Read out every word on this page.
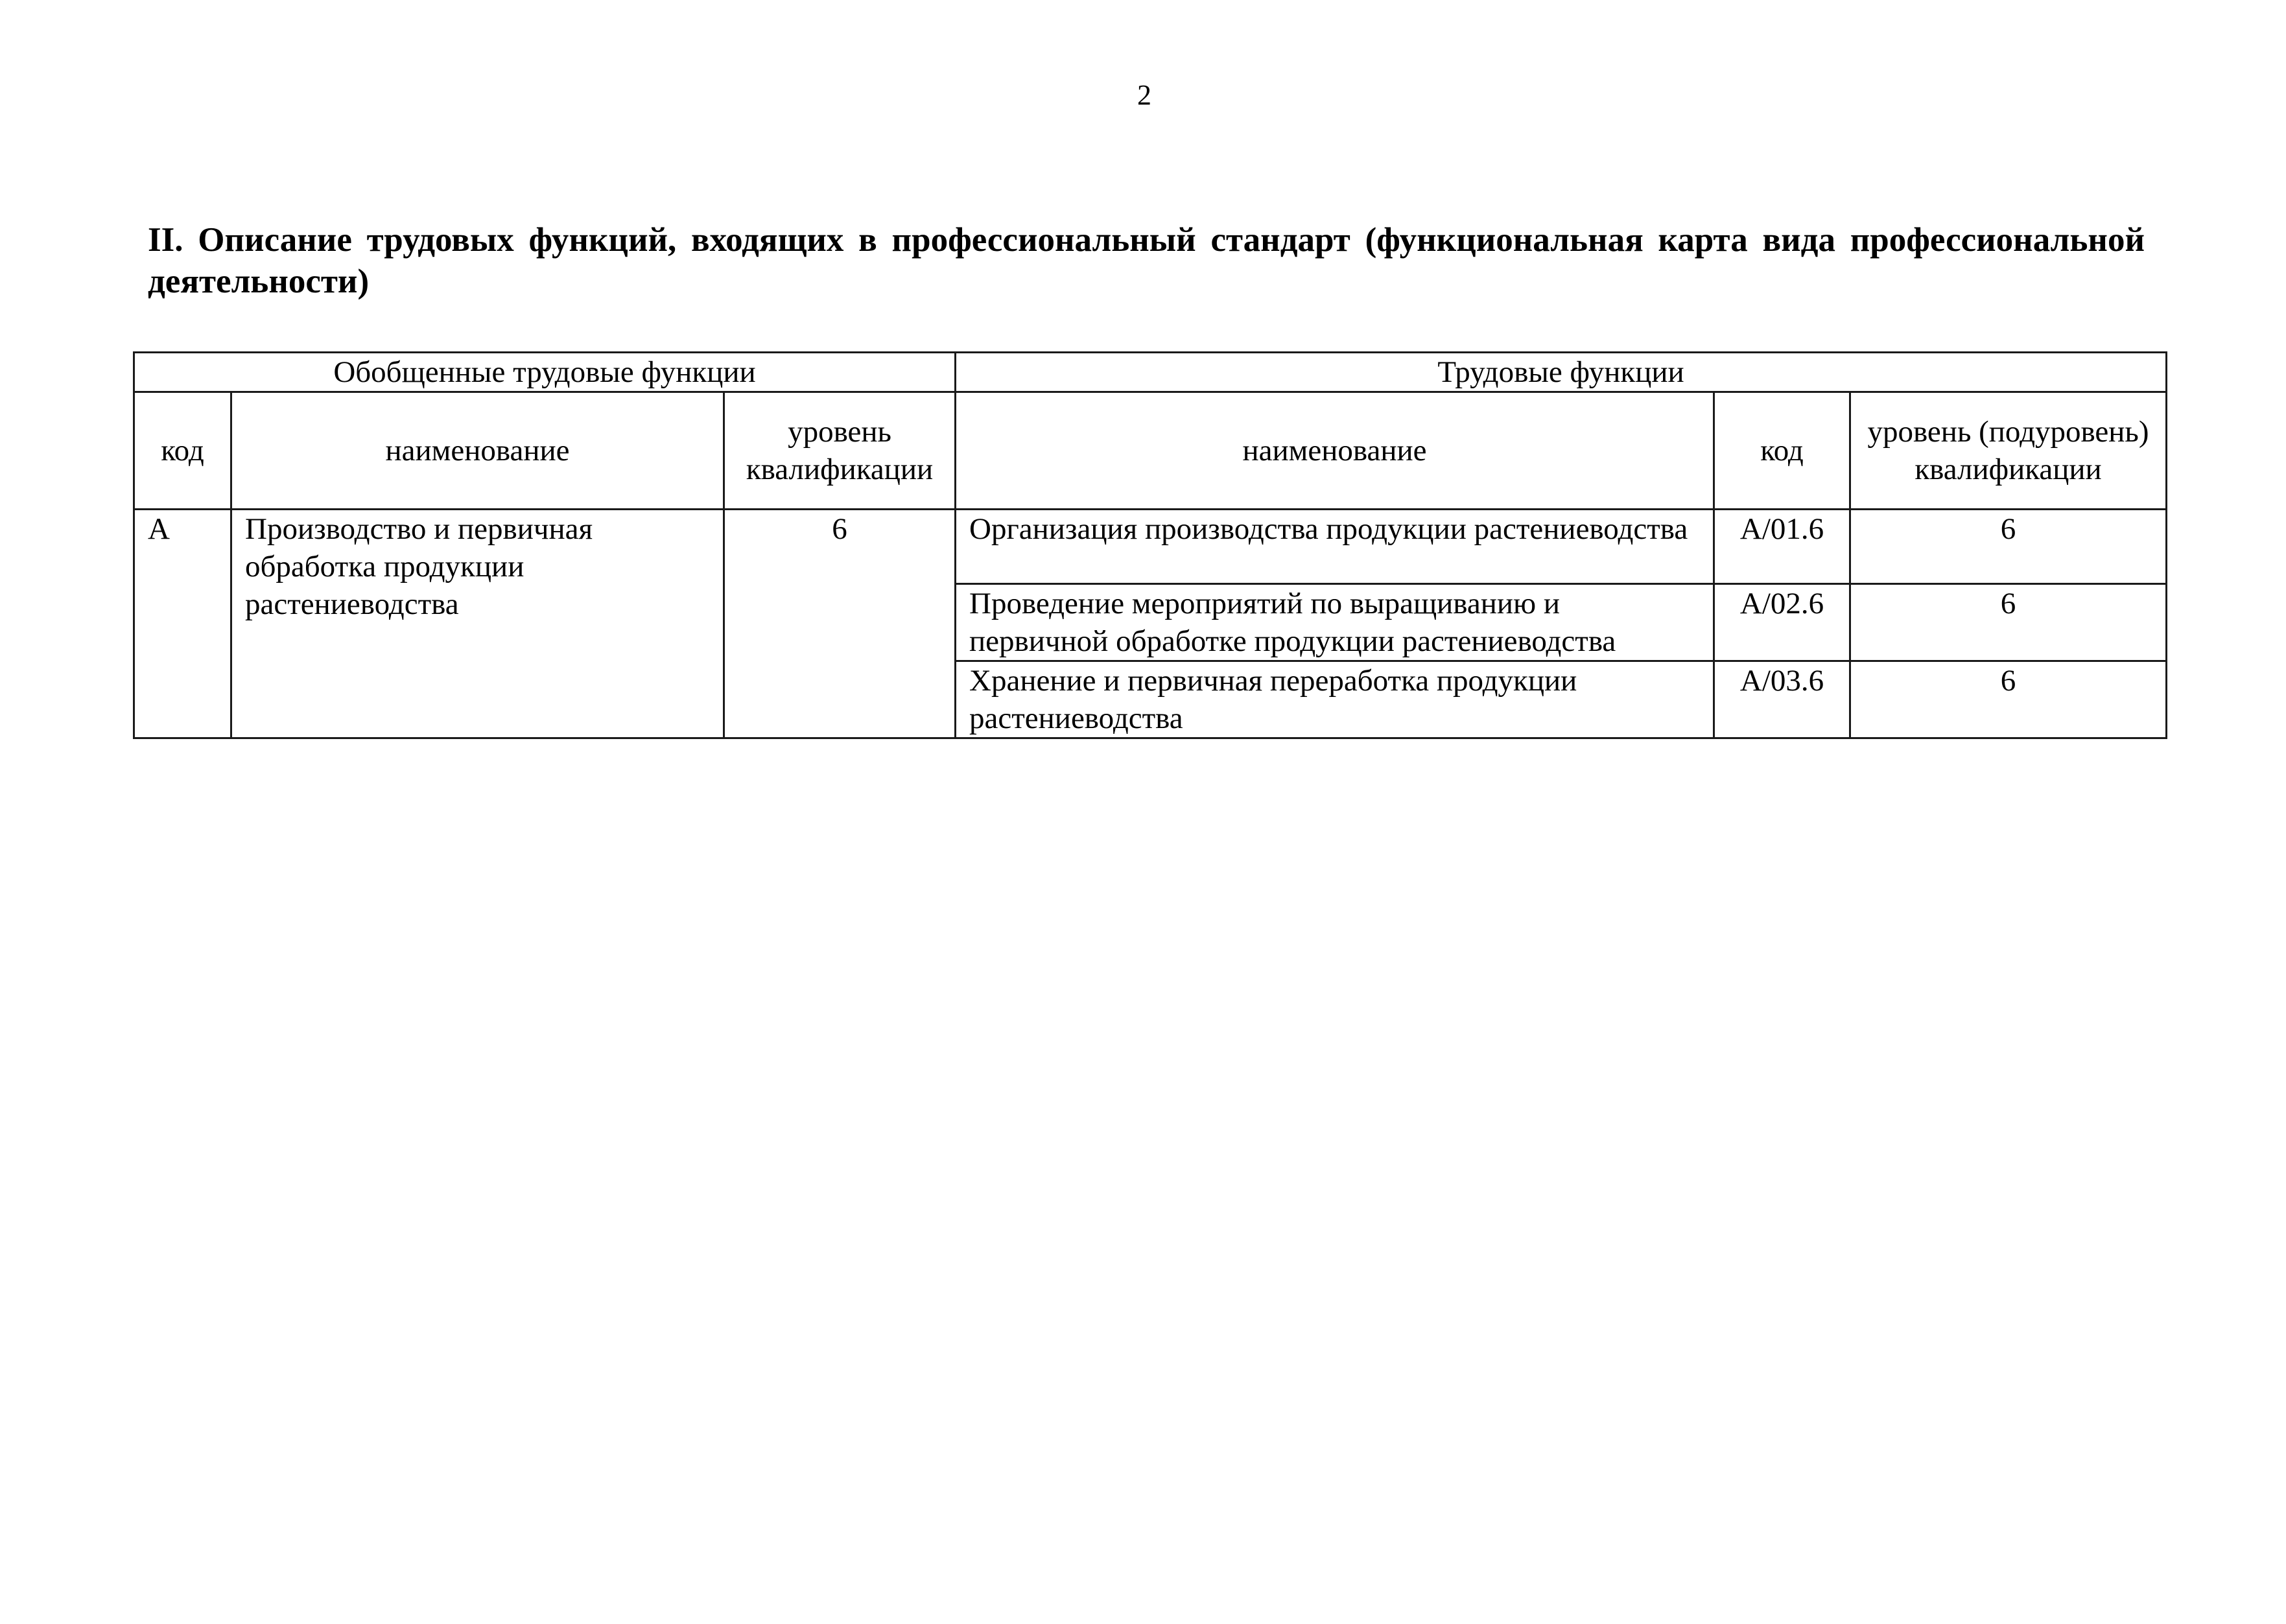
2
II. Описание трудовых функций, входящих в профессиональный стандарт (функциональная карта вида профессиональной деятельности)
Обобщенные трудовые функции			Трудовые функции		
код	наименование	уровень квалификации	наименование	код	уровень (подуровень) квалификации
А	Производство и первичная обработка продукции растениеводства	6	Организация производства продукции растениеводства	A/01.6	6
			Проведение мероприятий по выращиванию и первичной обработке продукции растениеводства	A/02.6	6
			Хранение и первичная переработка продукции растениеводства	A/03.6	6
